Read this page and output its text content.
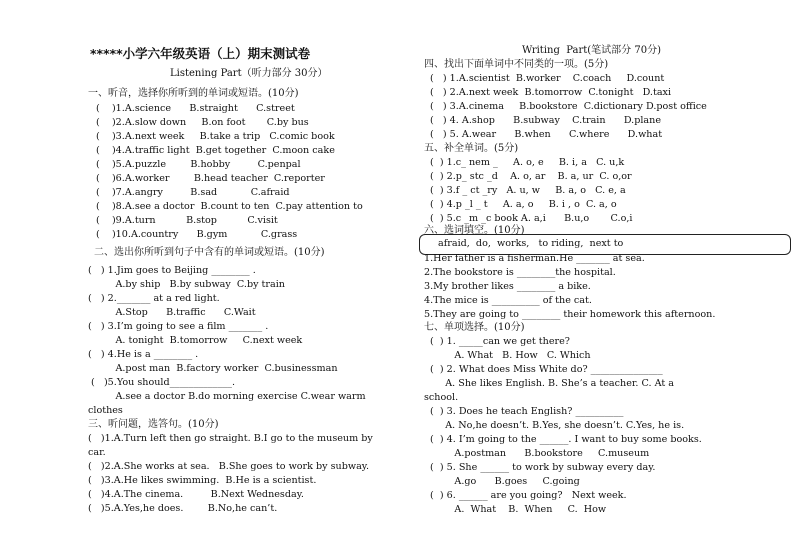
*****小学六年级英语（上）期末测试卷
Listening Part（听力部分 30分）
一、听音，选择你所听到的单词或短语。(10分)
(    )1.A.science      B.straight      C.street
(    )2.A.slow down     B.on foot       C.by bus
(    )3.A.next week     B.take a trip   C.comic book
(    )4.A.traffic light  B.get together  C.moon cake
(    )5.A.puzzle        B.hobby         C.penpal
(    )6.A.worker        B.head teacher  C.reporter
(    )7.A.angry         B.sad           C.afraid
(    )8.A.see a doctor  B.count to ten  C.pay attention to
(    )9.A.turn          B.stop          C.visit
(    )10.A.country      B.gym           C.grass
二、选出你所听到句子中含有的单词或短语。(10分)
(   ) 1.Jim goes to Beijing ________ .
A.by ship   B.by subway  C.by train
(   ) 2._______ at a red light.
A.Stop      B.traffic      C.Wait
(   ) 3.I’m going to see a film _______ .
A. tonight  B.tomorrow     C.next week
(   ) 4.He is a ________ .
A.post man  B.factory worker  C.businessman
(   )5.You should_____________.
A.see a doctor B.do morning exercise C.wear warm
clothes
三、听问题，选答句。(10分)
(   )1.A.Turn left then go straight. B.I go to the museum by
car.
(   )2.A.She works at sea.   B.She goes to work by subway.
(   )3.A.He likes swimming.  B.He is a scientist.
(   )4.A.The cinema.         B.Next Wednesday.
(   )5.A.Yes,he does.        B.No,he can’t.
Writing  Part(笔试部分 70分)
四、找出下面单词中不同类的一项。(5分)
(   ) 1.A.scientist  B.worker    C.coach     D.count
(   ) 2.A.next week  B.tomorrow  C.tonight   D.taxi
(   ) 3.A.cinema     B.bookstore  C.dictionary D.post office
(   ) 4. A.shop      B.subway    C.train      D.plane
(   ) 5. A.wear      B.when      C.where      D.what
五、补全单词。(5分)
(  ) 1.c_ nem _     A. o, e     B. i, a   C. u,k
(  ) 2.p_ stc _d    A. o, ar    B. a, ur  C. o,or
(  ) 3.f _ ct _ry   A. u, w     B. a, o   C. e, a
(  ) 4.p _l _ t     A. a, o     B. i , o  C. a, o
(  ) 5.c _m _c book A. a,i      B.u,o       C.o,i
六、选词填空。(10分)
afraid,  do,  works,   to riding,  next to
1.Her father is a fisherman.He _______ at sea.
2.The bookstore is ________the hospital.
3.My brother likes ________ a bike.
4.The mice is __________ of the cat.
5.They are going to ________ their homework this afternoon.
七、单项选择。(10分)
(  ) 1. _____can we get there?
A. What   B. How   C. Which
(  ) 2. What does Miss White do? _______________
A. She likes English. B. She’s a teacher. C. At a
school.
(  ) 3. Does he teach English? __________
A. No,he doesn’t. B.Yes, she doesn’t. C.Yes, he is.
(  ) 4. I’m going to the ______. I want to buy some books.
A.postman      B.bookstore     C.museum
(  ) 5. She ______ to work by subway every day.
A.go      B.goes     C.going
(  ) 6. ______ are you going?   Next week.
A.  What    B.  When     C.  How
